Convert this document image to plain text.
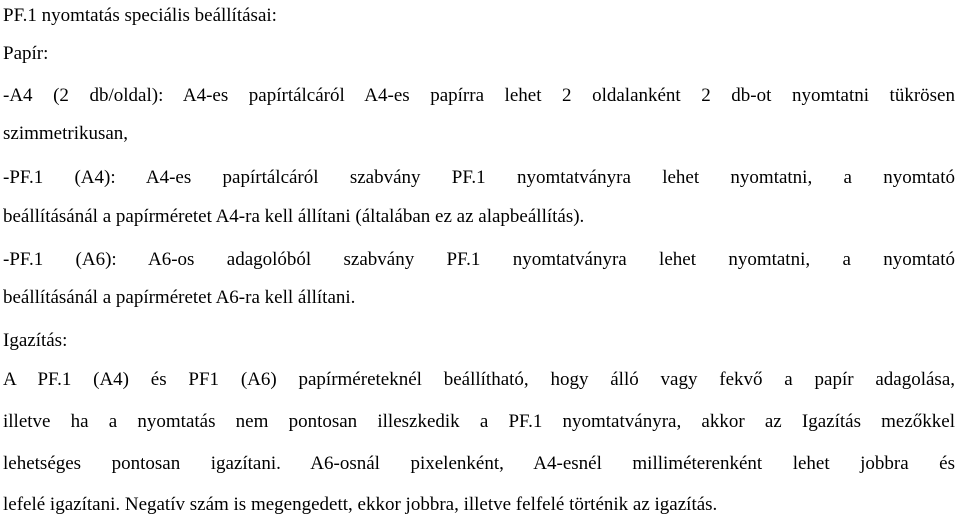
PF.1 nyomtatás speciális beállításai:
Papír:
-A4 (2 db/oldal): A4-es papírtálcáról A4-es papírra lehet 2 oldalanként 2 db-ot nyomtatni tükrösen
szimmetrikusan,
-PF.1 (A4): A4-es papírtálcáról szabvány PF.1 nyomtatványra lehet nyomtatni, a nyomtató
beállításánál a papírméretet A4-ra kell állítani (általában ez az alapbeállítás).
-PF.1 (A6): A6-os adagolóból szabvány PF.1 nyomtatványra lehet nyomtatni, a nyomtató
beállításánál a papírméretet A6-ra kell állítani.
Igazítás:
A PF.1 (A4) és PF1 (A6) papírméreteknél beállítható, hogy álló vagy fekvő a papír adagolása,
illetve ha a nyomtatás nem pontosan illeszkedik a PF.1 nyomtatványra, akkor az Igazítás mezőkkel
lehetséges pontosan igazítani. A6-osnál pixelenként, A4-esnél milliméterenként lehet jobbra és
lefelé igazítani. Negatív szám is megengedett, ekkor jobbra, illetve felfelé történik az igazítás.
